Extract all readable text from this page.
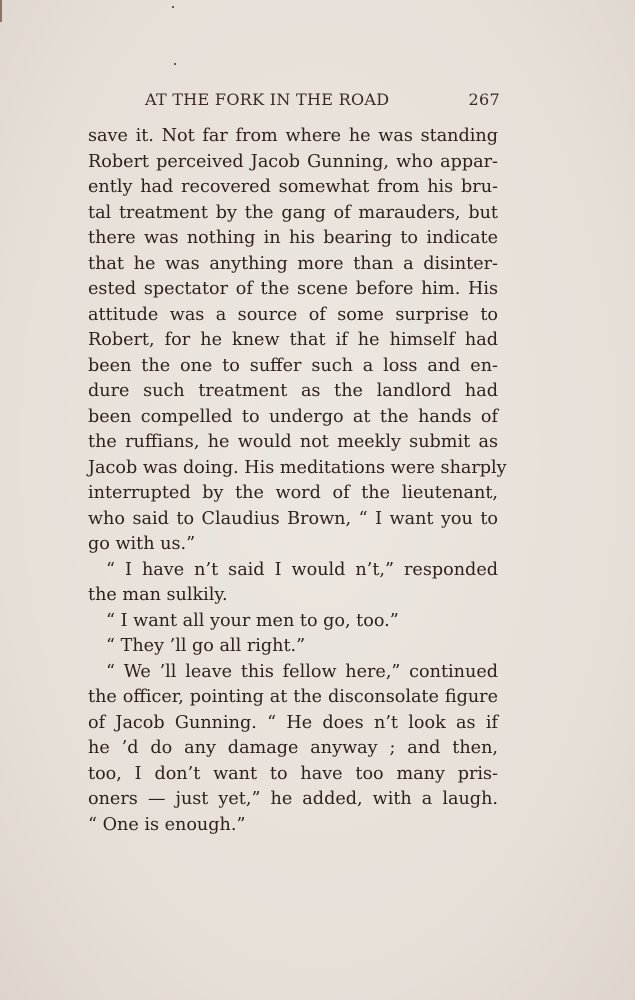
AT THE FORK IN THE ROAD	267
save it. Not far from where he was standing
Robert perceived Jacob Gunning, who appar-
ently had recovered somewhat from his bru-
tal treatment by the gang of marauders, but
there was nothing in his bearing to indicate
that he was anything more than a disinter-
ested spectator of the scene before him. His
attitude was a source of some surprise to
Robert, for he knew that if he himself had
been the one to suffer such a loss and en-
dure such treatment as the landlord had
been compelled to undergo at the hands of
the ruffians, he would not meekly submit as
Jacob was doing. His meditations were sharply
interrupted by the word of the lieutenant,
who said to Claudius Brown, “ I want you to
go with us.”
“ I have n’t said I would n’t,” responded
the man sulkily.
“ I want all your men to go, too.”
“ They ’ll go all right.”
“ We ’ll leave this fellow here,” continued
the officer, pointing at the disconsolate figure
of Jacob Gunning. “ He does n’t look as if
he ’d do any damage anyway ; and then,
too, I don’t want to have too many pris-
oners — just yet,” he added, with a laugh.
“ One is enough.”
